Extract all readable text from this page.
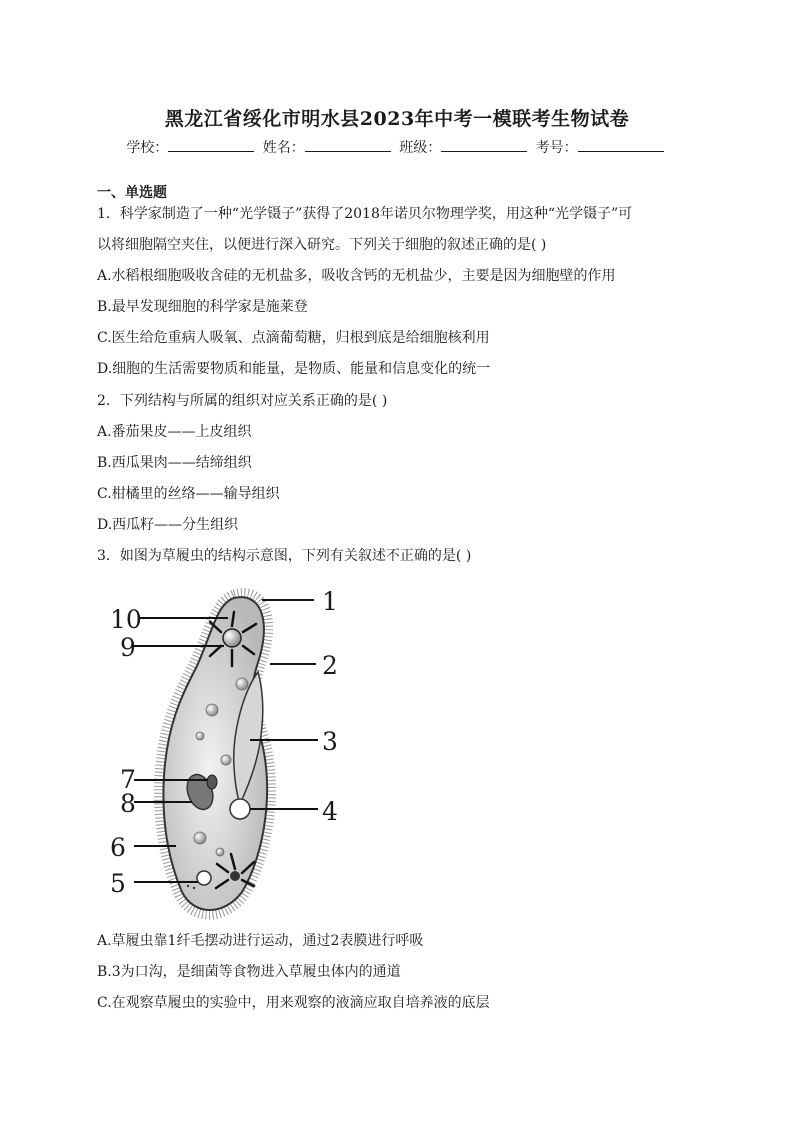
黑龙江省绥化市明水县2023年中考一模联考生物试卷
学校：	姓名：	班级：	考号：
一、单选题
1．科学家制造了一种“光学镊子”获得了2018年诺贝尔物理学奖，用这种“光学镊子”可
以将细胞隔空夹住，以便进行深入研究。下列关于细胞的叙述正确的是( )
A.水稻根细胞吸收含硅的无机盐多，吸收含钙的无机盐少，主要是因为细胞壁的作用
B.最早发现细胞的科学家是施莱登
C.医生给危重病人吸氧、点滴葡萄糖，归根到底是给细胞核利用
D.细胞的生活需要物质和能量，是物质、能量和信息变化的统一
2．下列结构与所属的组织对应关系正确的是( )
A.番茄果皮——上皮组织
B.西瓜果肉——结缔组织
C.柑橘里的丝络——输导组织
D.西瓜籽——分生组织
3．如图为草履虫的结构示意图，下列有关叙述不正确的是( )
1
2
3
4
5
6
7
8
9
10
A.草履虫靠1纤毛摆动进行运动，通过2表膜进行呼吸
B.3为口沟，是细菌等食物进入草履虫体内的通道
C.在观察草履虫的实验中，用来观察的液滴应取自培养液的底层
